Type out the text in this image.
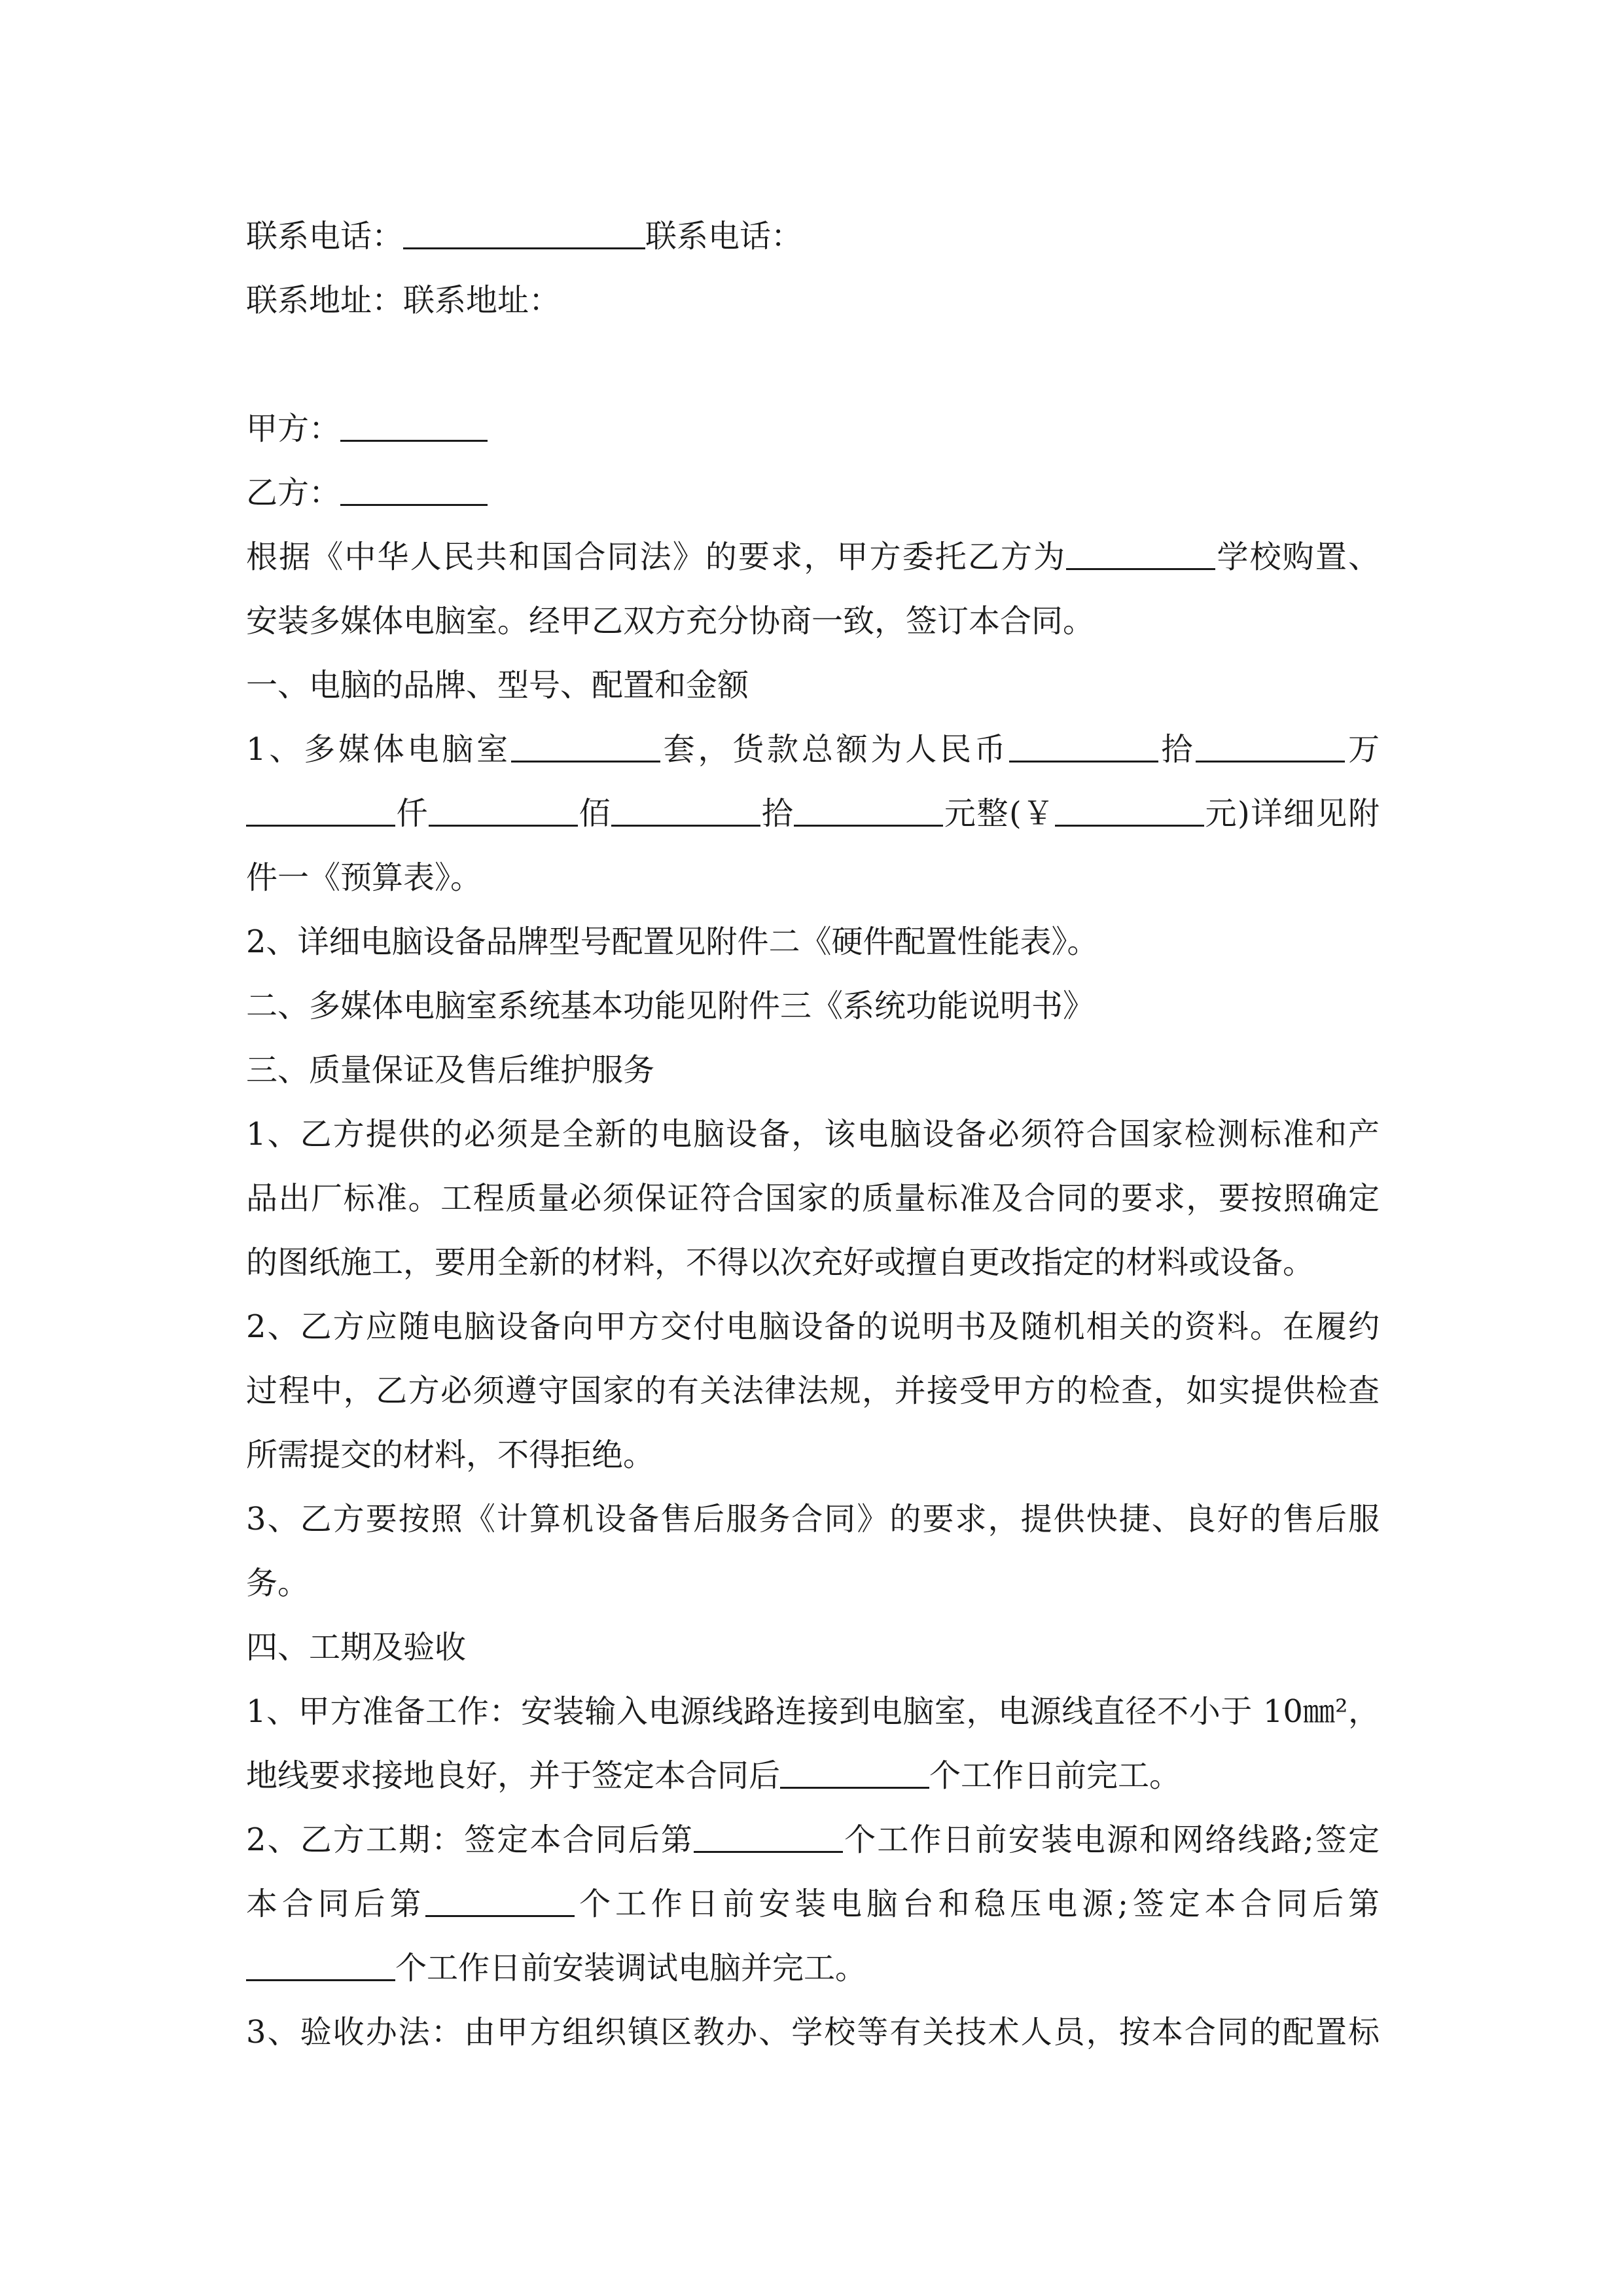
联系电话：	联系电话：
联系地址：联系地址：
甲方：
乙方：
根据《中华人民共和国合同法》的要求，甲方委托乙方为	学校购置、
安装多媒体电脑室。经甲乙双方充分协商一致，签订本合同。
一、电脑的品牌、型号、配置和金额
1、多媒体电脑室	套，货款总额为人民币	拾	万
仟	佰	拾	元整(￥	元)详细见附
件一《预算表》。
2、详细电脑设备品牌型号配置见附件二《硬件配置性能表》。
二、多媒体电脑室系统基本功能见附件三《系统功能说明书》
三、质量保证及售后维护服务
1、乙方提供的必须是全新的电脑设备，该电脑设备必须符合国家检测标准和产
品出厂标准。工程质量必须保证符合国家的质量标准及合同的要求，要按照确定
的图纸施工，要用全新的材料，不得以次充好或擅自更改指定的材料或设备。
2、乙方应随电脑设备向甲方交付电脑设备的说明书及随机相关的资料。在履约
过程中，乙方必须遵守国家的有关法律法规，并接受甲方的检查，如实提供检查
所需提交的材料，不得拒绝。
3、乙方要按照《计算机设备售后服务合同》的要求，提供快捷、良好的售后服
务。
四、工期及验收
1、甲方准备工作：安装输入电源线路连接到电脑室，电源线直径不小于 10㎜²，
地线要求接地良好，并于签定本合同后	个工作日前完工。
2、乙方工期：签定本合同后第	个工作日前安装电源和网络线路;签定
本合同后第	个工作日前安装电脑台和稳压电源;签定本合同后第
个工作日前安装调试电脑并完工。
3、验收办法：由甲方组织镇区教办、学校等有关技术人员，按本合同的配置标
